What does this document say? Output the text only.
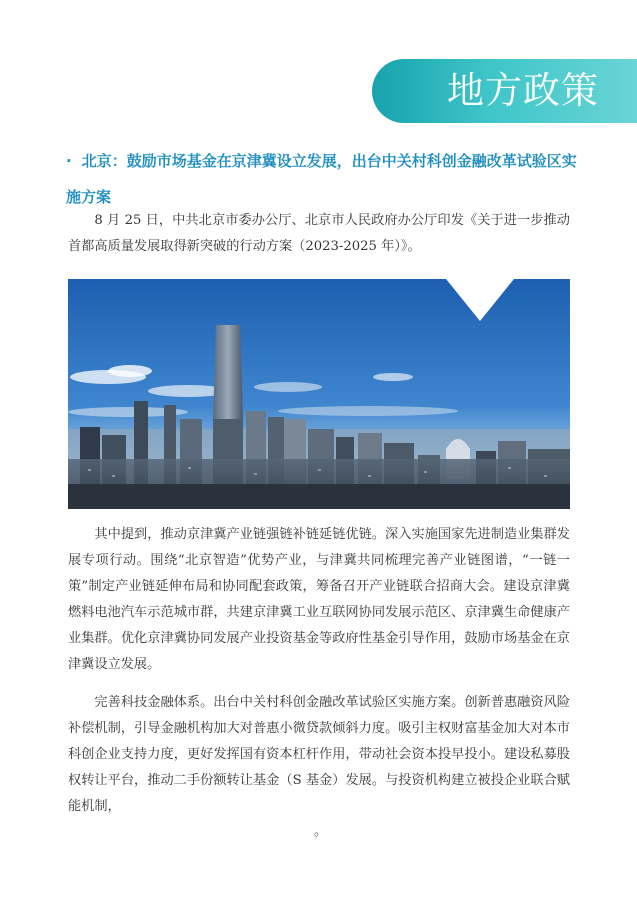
地方政策
· 北京：鼓励市场基金在京津冀设立发展，出台中关村科创金融改革试验区实施方案
8 月 25 日，中共北京市委办公厅、北京市人民政府办公厅印发《关于进一步推动首都高质量发展取得新突破的行动方案（2023-2025 年）》。
其中提到，推动京津冀产业链强链补链延链优链。深入实施国家先进制造业集群发展专项行动。围绕“北京智造”优势产业，与津冀共同梳理完善产业链图谱，“一链一策”制定产业链延伸布局和协同配套政策，筹备召开产业链联合招商大会。建设京津冀燃料电池汽车示范城市群，共建京津冀工业互联网协同发展示范区、京津冀生命健康产业集群。优化京津冀协同发展产业投资基金等政府性基金引导作用，鼓励市场基金在京津冀设立发展。
完善科技金融体系。出台中关村科创金融改革试验区实施方案。创新普惠融资风险补偿机制，引导金融机构加大对普惠小微贷款倾斜力度。吸引主权财富基金加大对本市科创企业支持力度，更好发挥国有资本杠杆作用，带动社会资本投早投小。建设私募股权转让平台，推动二手份额转让基金（S 基金）发展。与投资机构建立被投企业联合赋能机制，
。
